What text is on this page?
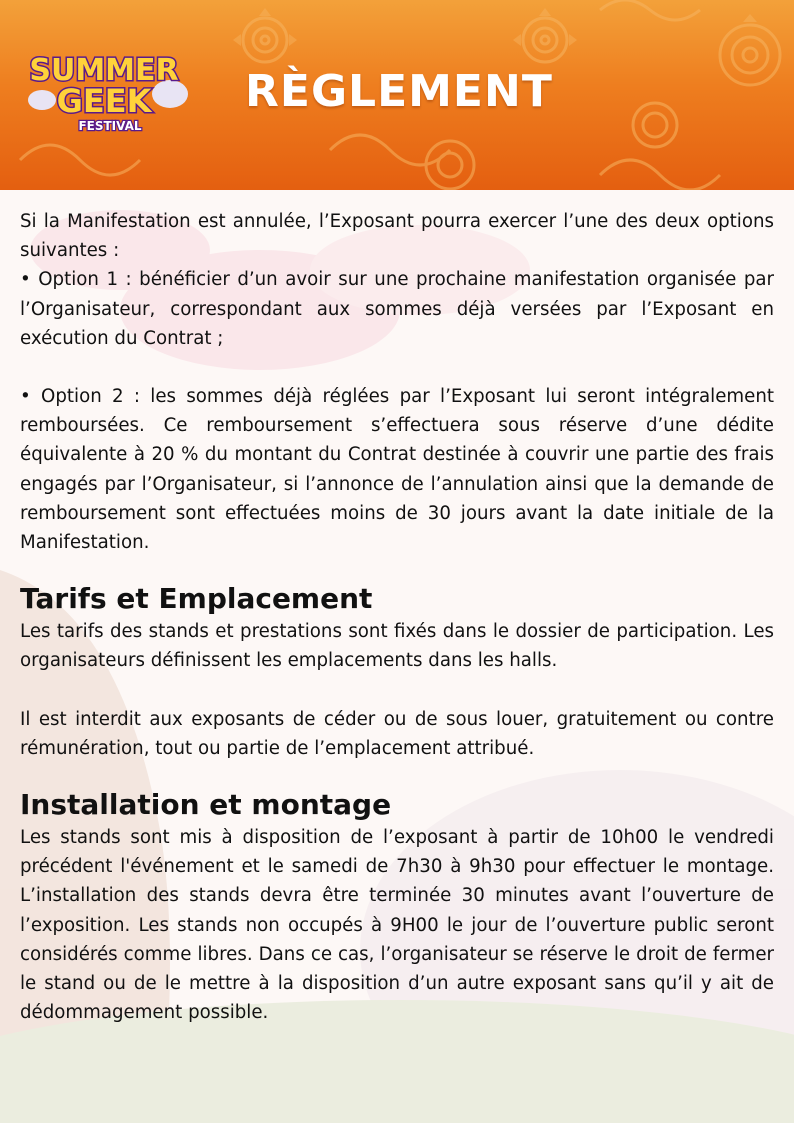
SUMMER
GEEK
FESTIVAL
RÈGLEMENT

Si la Manifestation est annulée, l’Exposant pourra exercer l’une des deux options suivantes :

• Option 1 : bénéficier d’un avoir sur une prochaine manifestation organisée par l’Organisateur, correspondant aux sommes déjà versées par l’Exposant en exécution du Contrat ;

• Option 2 : les sommes déjà réglées par l’Exposant lui seront intégralement remboursées. Ce remboursement s’effectuera sous réserve d’une dédite équivalente à 20 % du montant du Contrat destinée à couvrir une partie des frais engagés par l’Organisateur, si l’annonce de l’annulation ainsi que la demande de remboursement sont effectuées moins de 30 jours avant la date initiale de la Manifestation.

Tarifs et Emplacement

Les tarifs des stands et prestations sont fixés dans le dossier de participation. Les organisateurs définissent les emplacements dans les halls.

Il est interdit aux exposants de céder ou de sous louer, gratuitement ou contre rémunération, tout ou partie de l’emplacement attribué.

Installation et montage

Les stands sont mis à disposition de l’exposant à partir de 10h00 le vendredi précédent l'événement et le samedi de 7h30 à 9h30 pour effectuer le montage. L’installation des stands devra être terminée 30 minutes avant l’ouverture de l’exposition. Les stands non occupés à 9H00 le jour de l’ouverture public seront considérés comme libres. Dans ce cas, l’organisateur se réserve le droit de fermer le stand ou de le mettre à la disposition d’un autre exposant sans qu’il y ait de dédommagement possible.
